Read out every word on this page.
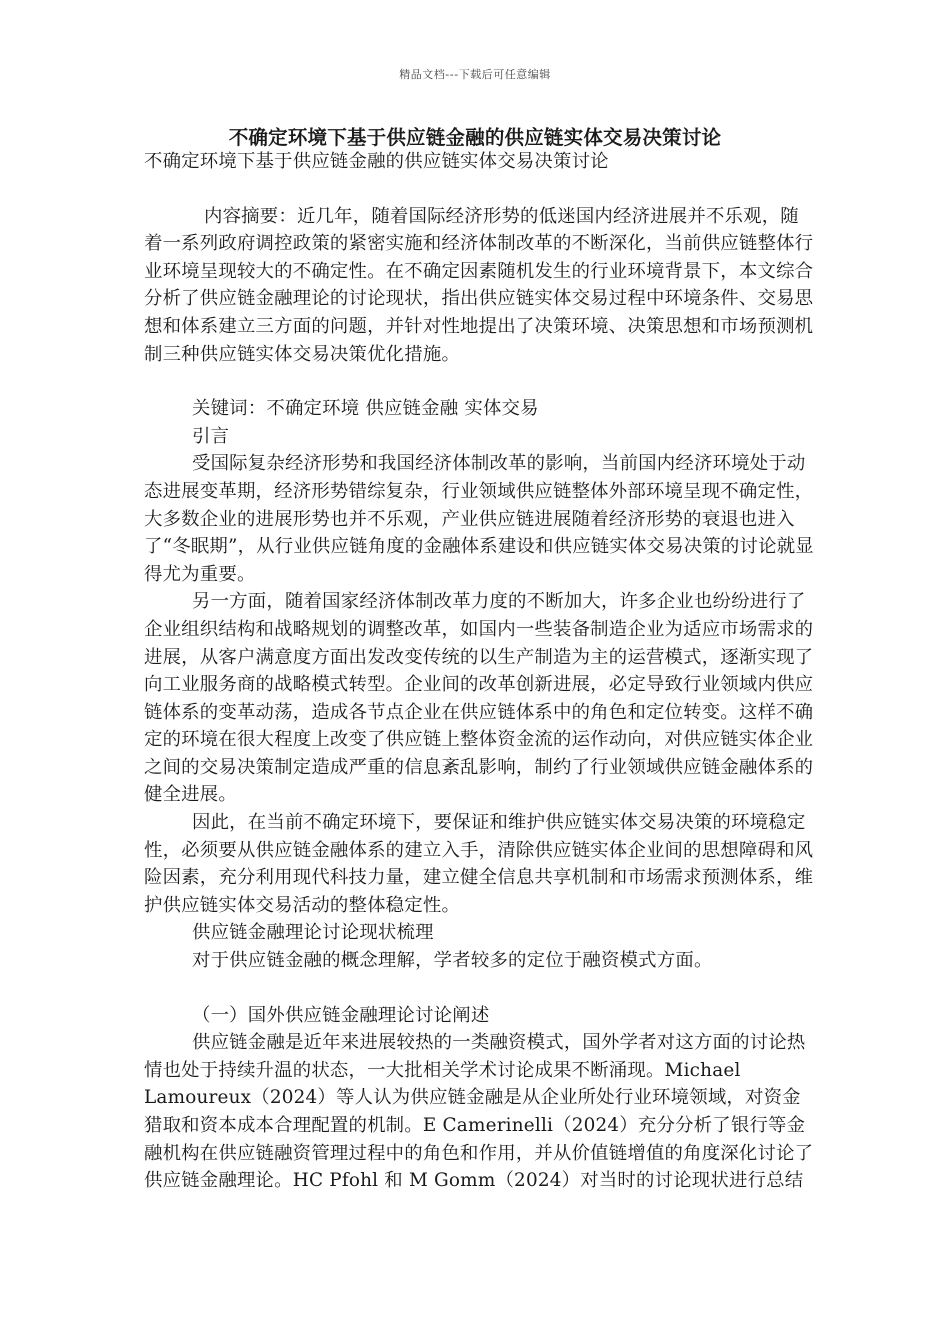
精品文档---下载后可任意编辑
不确定环境下基于供应链金融的供应链实体交易决策讨论

不确定环境下基于供应链金融的供应链实体交易决策讨论

内容摘要：近几年，随着国际经济形势的低迷国内经济进展并不乐观，随着一系列政府调控政策的紧密实施和经济体制改革的不断深化，当前供应链整体行业环境呈现较大的不确定性。在不确定因素随机发生的行业环境背景下，本文综合分析了供应链金融理论的讨论现状，指出供应链实体交易过程中环境条件、交易思想和体系建立三方面的问题，并针对性地提出了决策环境、决策思想和市场预测机制三种供应链实体交易决策优化措施。

关键词：不确定环境 供应链金融 实体交易

引言

受国际复杂经济形势和我国经济体制改革的影响，当前国内经济环境处于动态进展变革期，经济形势错综复杂，行业领域供应链整体外部环境呈现不确定性，大多数企业的进展形势也并不乐观，产业供应链进展随着经济形势的衰退也进入了“冬眠期”，从行业供应链角度的金融体系建设和供应链实体交易决策的讨论就显得尤为重要。

另一方面，随着国家经济体制改革力度的不断加大，许多企业也纷纷进行了企业组织结构和战略规划的调整改革，如国内一些装备制造企业为适应市场需求的进展，从客户满意度方面出发改变传统的以生产制造为主的运营模式，逐渐实现了向工业服务商的战略模式转型。企业间的改革创新进展，必定导致行业领域内供应链体系的变革动荡，造成各节点企业在供应链体系中的角色和定位转变。这样不确定的环境在很大程度上改变了供应链上整体资金流的运作动向，对供应链实体企业之间的交易决策制定造成严重的信息紊乱影响，制约了行业领域供应链金融体系的健全进展。

因此，在当前不确定环境下，要保证和维护供应链实体交易决策的环境稳定性，必须要从供应链金融体系的建立入手，清除供应链实体企业间的思想障碍和风险因素，充分利用现代科技力量，建立健全信息共享机制和市场需求预测体系，维护供应链实体交易活动的整体稳定性。

供应链金融理论讨论现状梳理

对于供应链金融的概念理解，学者较多的定位于融资模式方面。

（一）国外供应链金融理论讨论阐述

供应链金融是近年来进展较热的一类融资模式，国外学者对这方面的讨论热情也处于持续升温的状态，一大批相关学术讨论成果不断涌现。Michael Lamoureux（2024）等人认为供应链金融是从企业所处行业环境领域，对资金猎取和资本成本合理配置的机制。E Camerinelli（2024）充分分析了银行等金融机构在供应链融资管理过程中的角色和作用，并从价值链增值的角度深化讨论了供应链金融理论。HC Pfohl 和 M Gomm（2024）对当时的讨论现状进行总结
